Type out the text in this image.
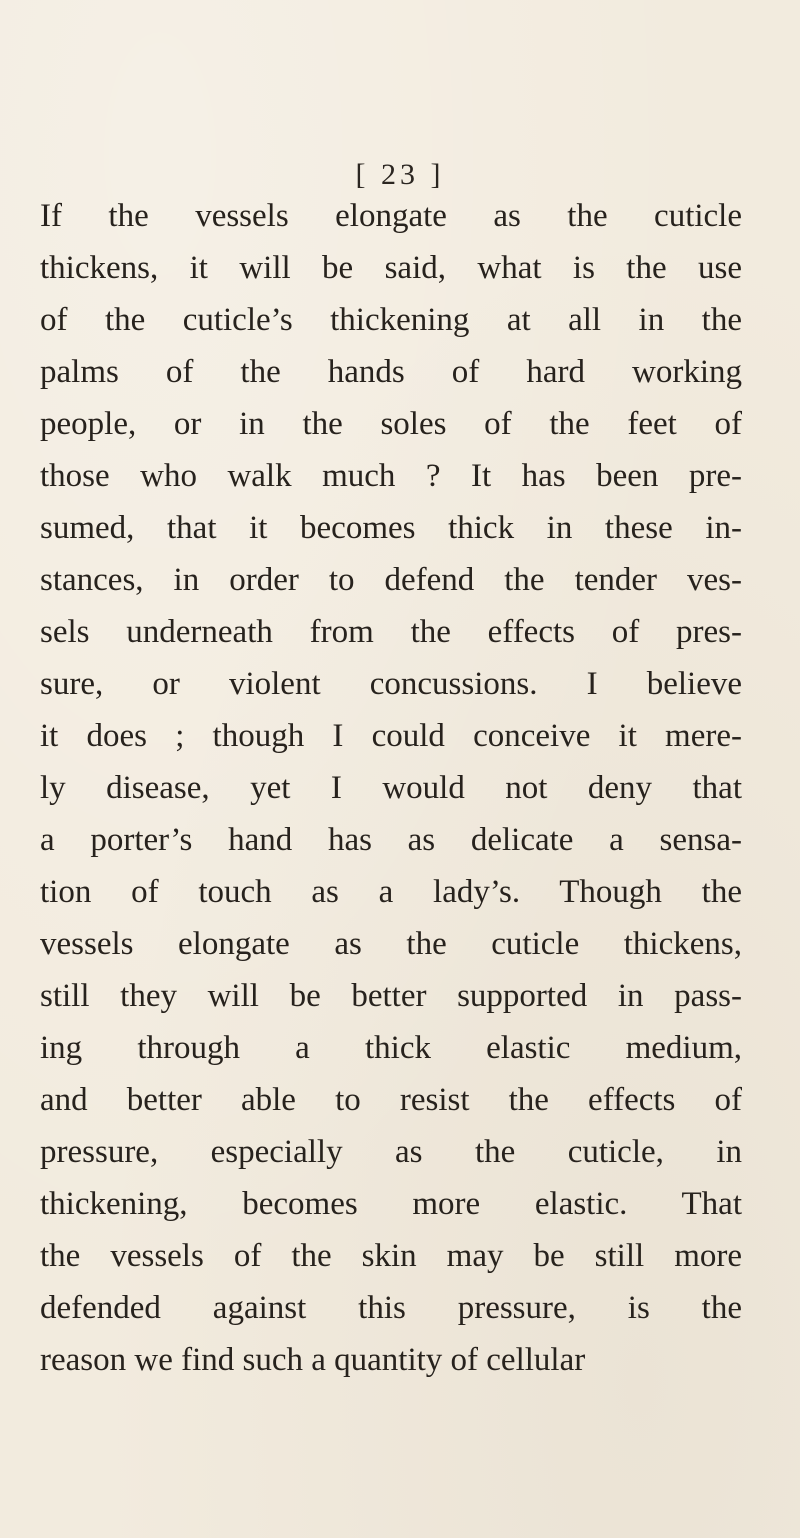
[ 23 ]
If the vessels elongate as the cuticle
thickens, it will be said, what is the use
of the cuticle’s thickening at all in the
palms of the hands of hard working
people, or in the soles of the feet of
those who walk much ? It has been pre-
sumed, that it becomes thick in these in-
stances, in order to defend the tender ves-
sels underneath from the effects of pres-
sure, or violent concussions. I believe
it does ; though I could conceive it mere-
ly disease, yet I would not deny that
a porter’s hand has as delicate a sensa-
tion of touch as a lady’s. Though the
vessels elongate as the cuticle thickens,
still they will be better supported in pass-
ing through a thick elastic medium,
and better able to resist the effects of
pressure, especially as the cuticle, in
thickening, becomes more elastic. That
the vessels of the skin may be still more
defended against this pressure, is the
reason we find such a quantity of cellular
